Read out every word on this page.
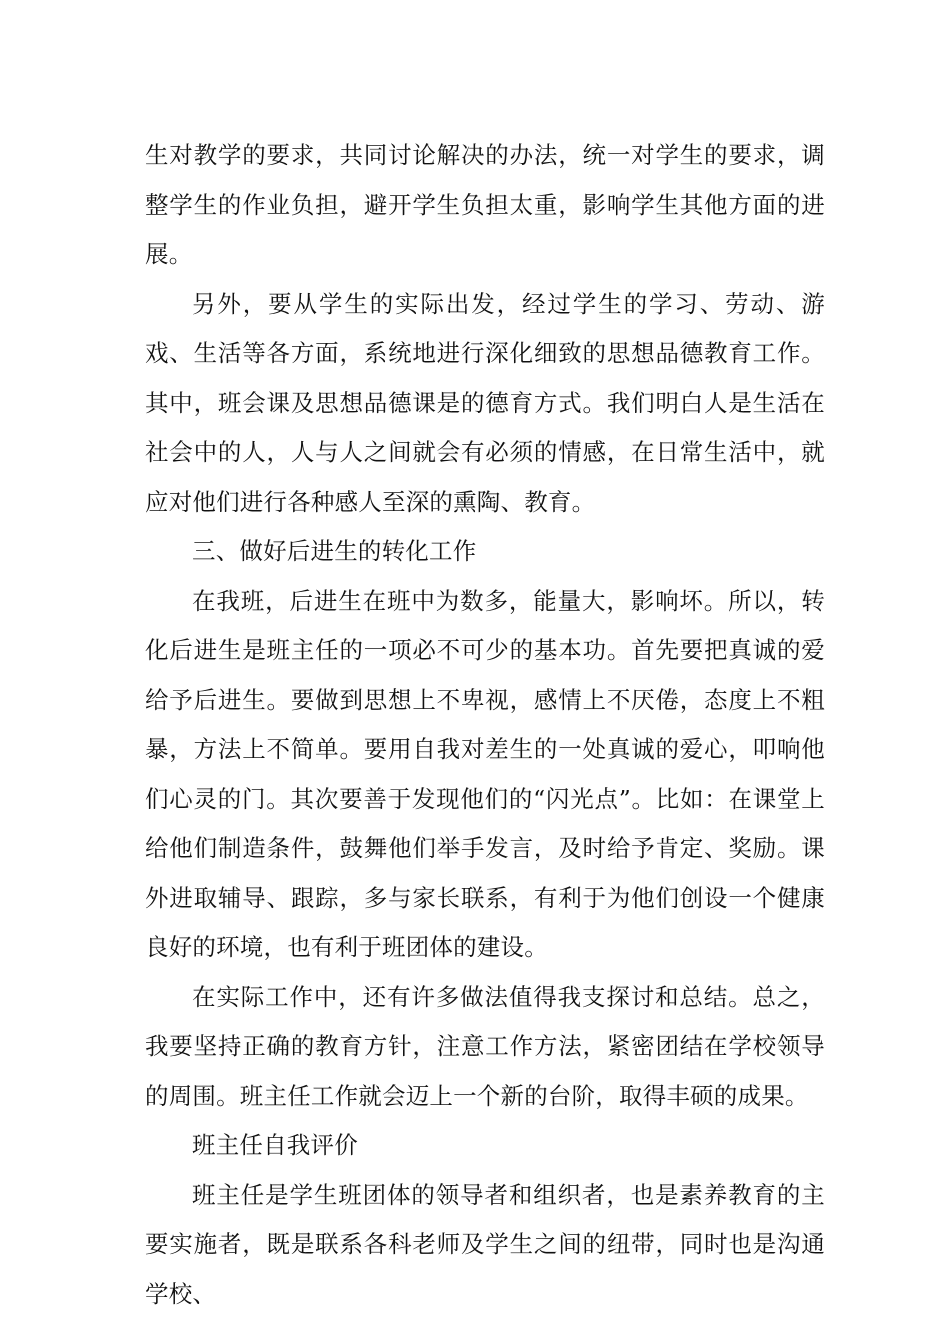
生对教学的要求，共同讨论解决的办法，统一对学生的要求，调整学生的作业负担，避开学生负担太重，影响学生其他方面的进展。

另外，要从学生的实际出发，经过学生的学习、劳动、游戏、生活等各方面，系统地进行深化细致的思想品德教育工作。其中，班会课及思想品德课是的德育方式。我们明白人是生活在社会中的人，人与人之间就会有必须的情感，在日常生活中，就应对他们进行各种感人至深的熏陶、教育。

三、做好后进生的转化工作

在我班，后进生在班中为数多，能量大，影响坏。所以，转化后进生是班主任的一项必不可少的基本功。首先要把真诚的爱给予后进生。要做到思想上不卑视，感情上不厌倦，态度上不粗暴，方法上不简单。要用自我对差生的一处真诚的爱心，叩响他们心灵的门。其次要善于发现他们的“闪光点”。比如：在课堂上给他们制造条件，鼓舞他们举手发言，及时给予肯定、奖励。课外进取辅导、跟踪，多与家长联系，有利于为他们创设一个健康良好的环境，也有利于班团体的建设。

在实际工作中，还有许多做法值得我支探讨和总结。总之，我要坚持正确的教育方针，注意工作方法，紧密团结在学校领导的周围。班主任工作就会迈上一个新的台阶，取得丰硕的成果。

班主任自我评价

班主任是学生班团体的领导者和组织者，也是素养教育的主要实施者，既是联系各科老师及学生之间的纽带，同时也是沟通学校、
